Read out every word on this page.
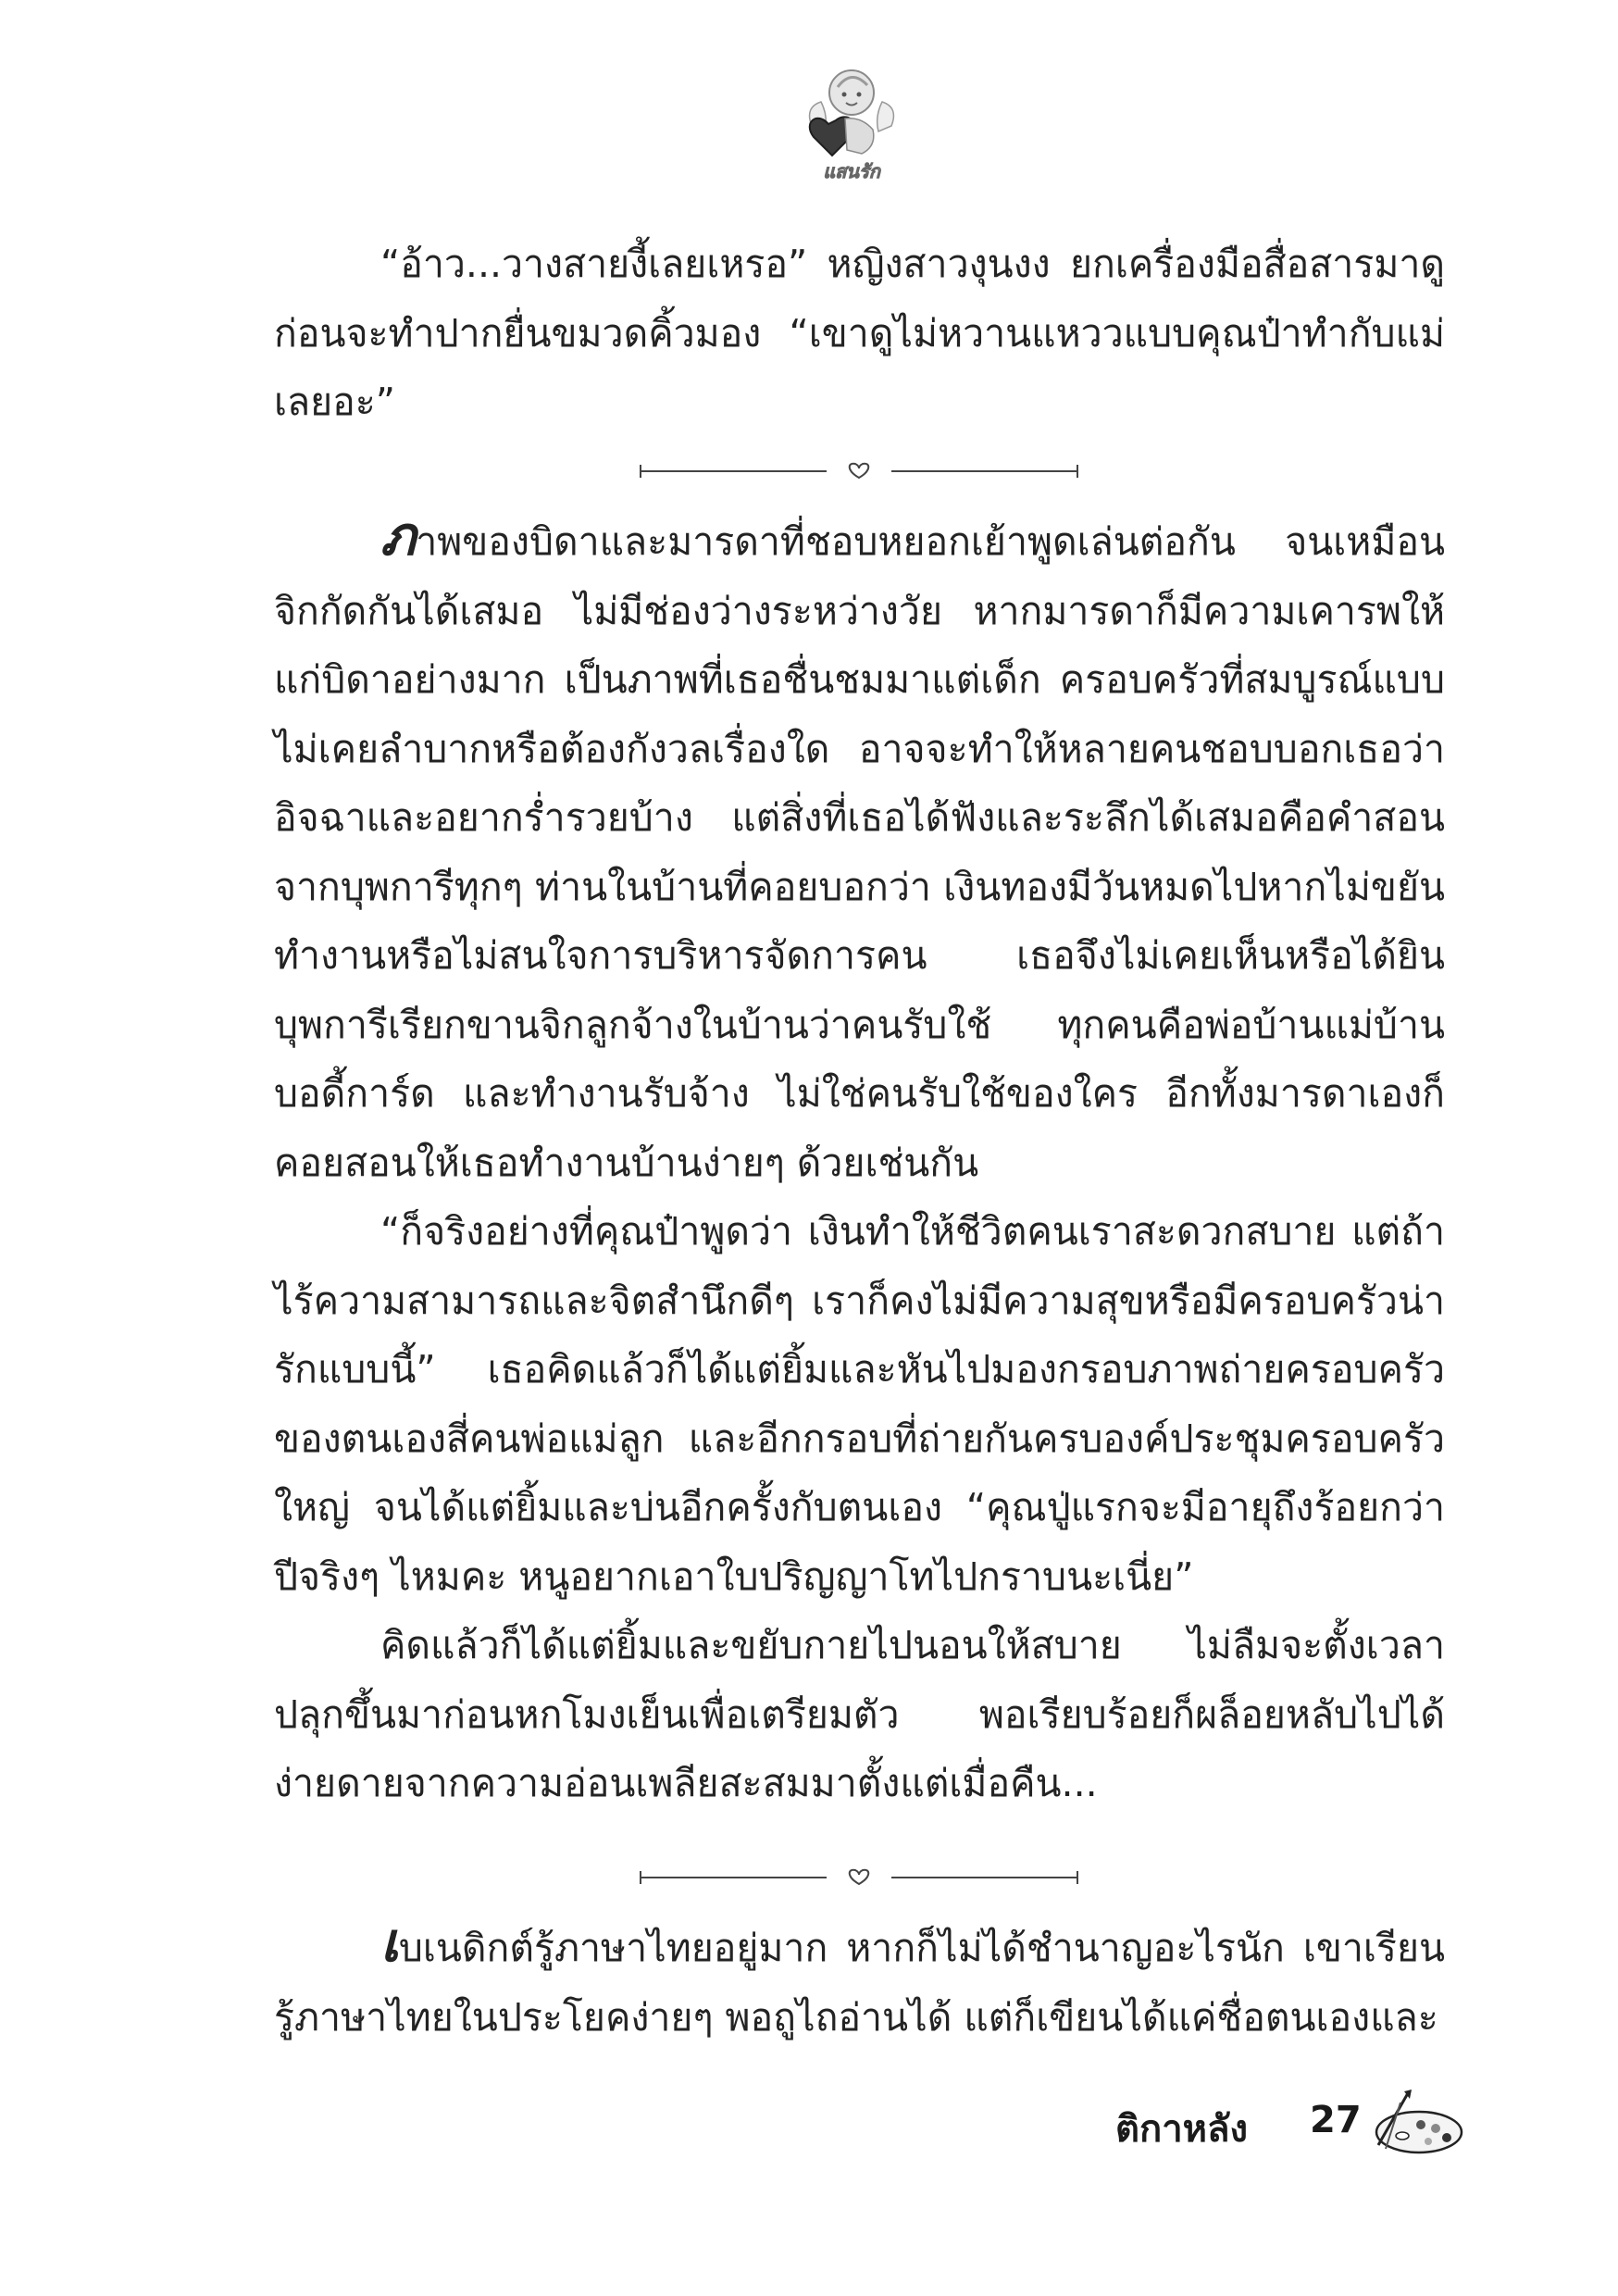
แสนรัก

“อ้าว...วางสายงี้เลยเหรอ” หญิงสาวงุนงง ยกเครื่องมือสื่อสารมาดูก่อนจะทำปากยื่นขมวดคิ้วมอง “เขาดูไม่หวานแหววแบบคุณป๋าทำกับแม่เลยอะ”

ภาพของบิดาและมารดาที่ชอบหยอกเย้าพูดเล่นต่อกัน จนเหมือนจิกกัดกันได้เสมอ ไม่มีช่องว่างระหว่างวัย หากมารดาก็มีความเคารพให้แก่บิดาอย่างมาก เป็นภาพที่เธอชื่นชมมาแต่เด็ก ครอบครัวที่สมบูรณ์แบบไม่เคยลำบากหรือต้องกังวลเรื่องใด อาจจะทำให้หลายคนชอบบอกเธอว่าอิจฉาและอยากร่ำรวยบ้าง แต่สิ่งที่เธอได้ฟังและระลึกได้เสมอคือคำสอนจากบุพการีทุกๆ ท่านในบ้านที่คอยบอกว่า เงินทองมีวันหมดไปหากไม่ขยันทำงานหรือไม่สนใจการบริหารจัดการคน เธอจึงไม่เคยเห็นหรือได้ยินบุพการีเรียกขานจิกลูกจ้างในบ้านว่าคนรับใช้ ทุกคนคือพ่อบ้านแม่บ้านบอดี้การ์ด และทำงานรับจ้าง ไม่ใช่คนรับใช้ของใคร อีกทั้งมารดาเองก็คอยสอนให้เธอทำงานบ้านง่ายๆ ด้วยเช่นกัน

“ก็จริงอย่างที่คุณป๋าพูดว่า เงินทำให้ชีวิตคนเราสะดวกสบาย แต่ถ้าไร้ความสามารถและจิตสำนึกดีๆ เราก็คงไม่มีความสุขหรือมีครอบครัวน่ารักแบบนี้” เธอคิดแล้วก็ได้แต่ยิ้มและหันไปมองกรอบภาพถ่ายครอบครัวของตนเองสี่คนพ่อแม่ลูก และอีกกรอบที่ถ่ายกันครบองค์ประชุมครอบครัวใหญ่ จนได้แต่ยิ้มและบ่นอีกครั้งกับตนเอง “คุณปู่แรกจะมีอายุถึงร้อยกว่าปีจริงๆ ไหมคะ หนูอยากเอาใบปริญญาโทไปกราบนะเนี่ย”

คิดแล้วก็ได้แต่ยิ้มและขยับกายไปนอนให้สบาย ไม่ลืมจะตั้งเวลาปลุกขึ้นมาก่อนหกโมงเย็นเพื่อเตรียมตัว พอเรียบร้อยก็ผล็อยหลับไปได้ง่ายดายจากความอ่อนเพลียสะสมมาตั้งแต่เมื่อคืน...

เบเนดิกต์รู้ภาษาไทยอยู่มาก หากก็ไม่ได้ชำนาญอะไรนัก เขาเรียนรู้ภาษาไทยในประโยคง่ายๆ พอถูไถอ่านได้ แต่ก็เขียนได้แค่ชื่อตนเองและ

ติกาหลัง 27
